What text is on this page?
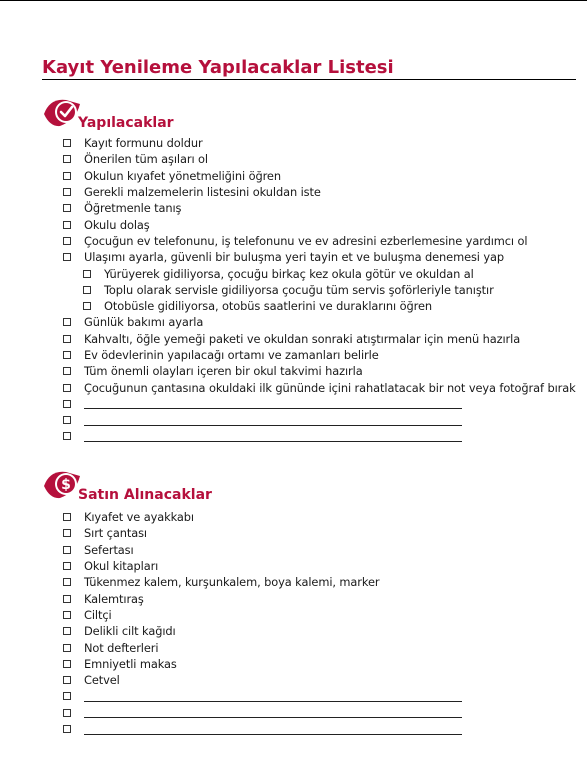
Kayıt Yenileme Yapılacaklar Listesi
Yapılacaklar
Kayıt formunu doldur
Önerilen tüm aşıları ol
Okulun kıyafet yönetmeliğini öğren
Gerekli malzemelerin listesini okuldan iste
Öğretmenle tanış
Okulu dolaş
Çocuğun ev telefonunu, iş telefonunu ve ev adresini ezberlemesine yardımcı ol
Ulaşımı ayarla, güvenli bir buluşma yeri tayin et ve buluşma denemesi yap
Yürüyerek gidiliyorsa, çocuğu birkaç kez okula götür ve okuldan al
Toplu olarak servisle gidiliyorsa çocuğu tüm servis şoförleriyle tanıştır
Otobüsle gidiliyorsa, otobüs saatlerini ve duraklarını öğren
Günlük bakımı ayarla
Kahvaltı, öğle yemeği paketi ve okuldan sonraki atıştırmalar için menü hazırla
Ev ödevlerinin yapılacağı ortamı ve zamanları belirle
Tüm önemli olayları içeren bir okul takvimi hazırla
Çocuğunun çantasına okuldaki ilk gününde içini rahatlatacak bir not veya fotoğraf bırak
$
Satın Alınacaklar
Kıyafet ve ayakkabı
Sırt çantası
Sefertası
Okul kitapları
Tükenmez kalem, kurşunkalem, boya kalemi, marker
Kalemtıraş
Ciltçi
Delikli cilt kağıdı
Not defterleri
Emniyetli makas
Cetvel
